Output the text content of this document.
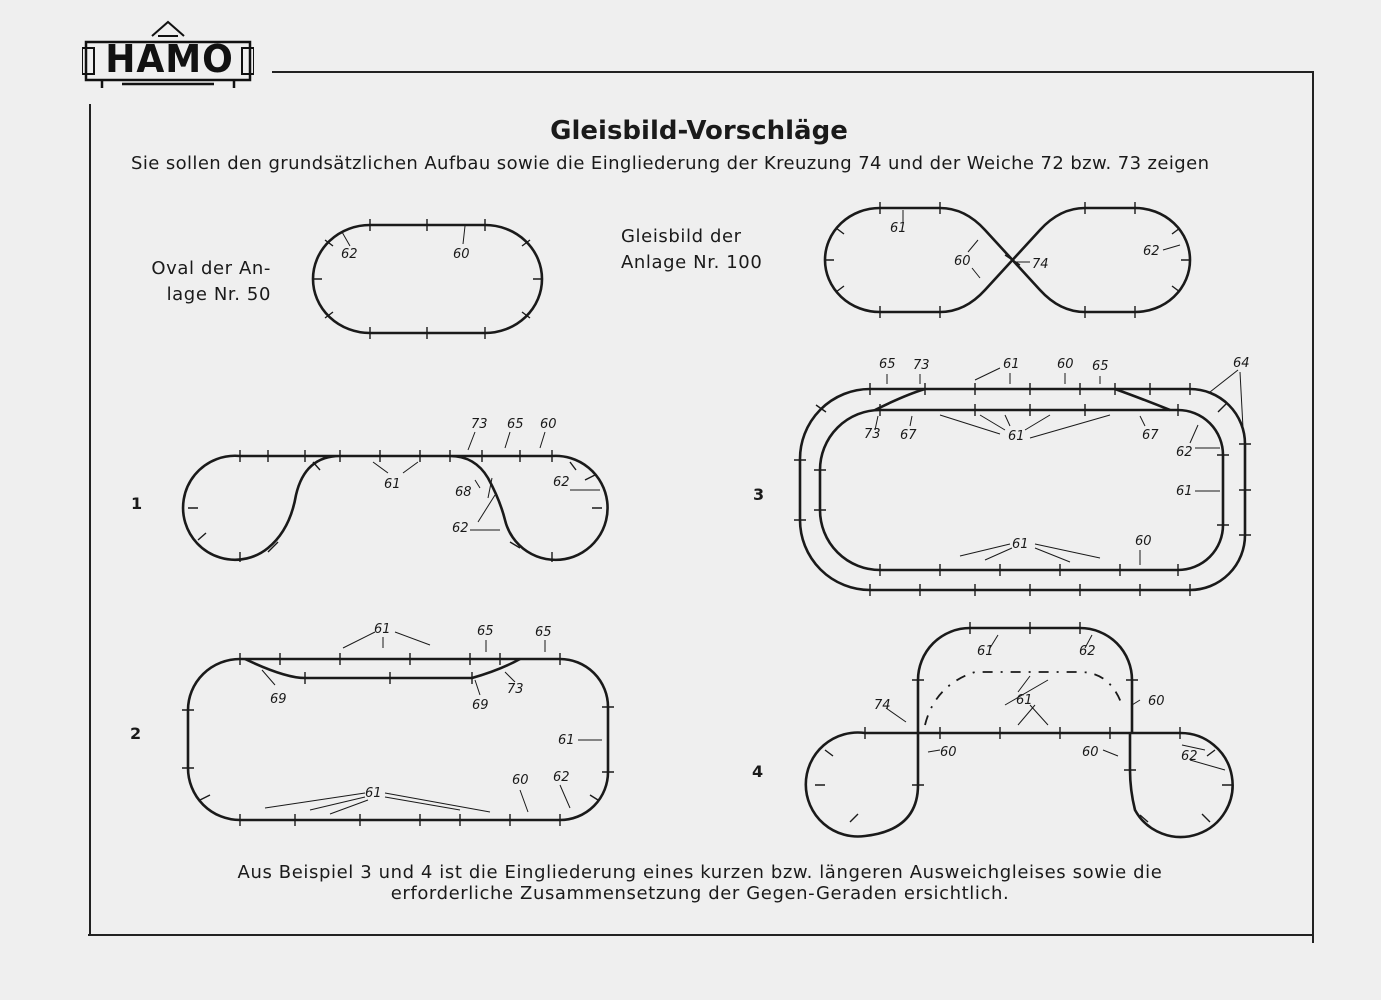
HAMO
Gleisbild-Vorschläge
Sie sollen den grundsätzlichen Aufbau sowie die Eingliederung der Kreuzung 74 und der Weiche 72 bzw. 73 zeigen
Oval der An-
lage Nr. 50
Gleisbild der
Anlage Nr. 100
1
2
3
4
62	60
61
60	74
62
73 65 60
61
68
62
62
61	65	65
69	69
73
61
61
60 62
65 73	61	60 65	64
73 67	61	67
62
61
61	60
61	62
60
74	61
60	60	62
Aus Beispiel 3 und 4 ist die Eingliederung eines kurzen bzw. längeren Ausweichgleises sowie die
erforderliche Zusammensetzung der Gegen-Geraden ersichtlich.
